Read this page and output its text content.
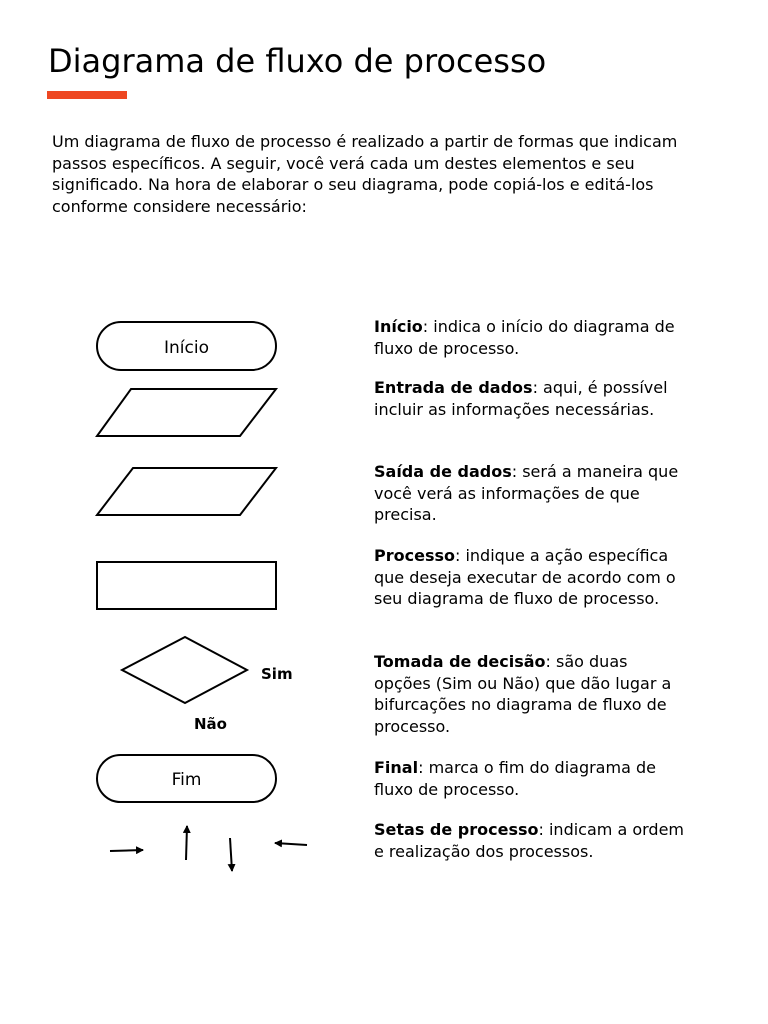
Diagrama de fluxo de processo

Um diagrama de fluxo de processo é realizado a partir de formas que indicam passos específicos. A seguir, você verá cada um destes elementos e seu significado. Na hora de elaborar o seu diagrama, pode copiá-los e editá-los conforme considere necessário:

Início
Sim
Não
Fim

Início: indica o início do diagrama de fluxo de processo.

Entrada de dados: aqui, é possível incluir as informações necessárias.

Saída de dados: será a maneira que você verá as informações de que precisa.

Processo: indique a ação específica que deseja executar de acordo com o seu diagrama de fluxo de processo.

Tomada de decisão: são duas opções (Sim ou Não) que dão lugar a bifurcações no diagrama de fluxo de processo.

Final: marca o fim do diagrama de fluxo de processo.

Setas de processo: indicam a ordem e realização dos processos.
